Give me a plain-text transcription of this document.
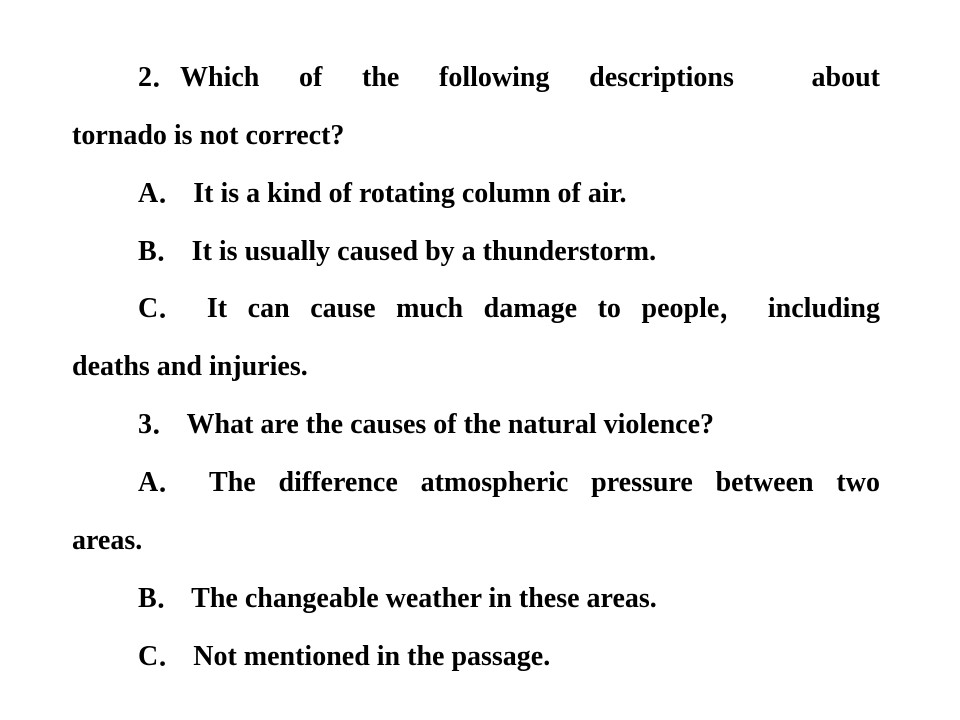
2．Which of the following descriptions	about
tornado is not correct?
A． It is a kind of rotating column of air.
B． It is usually caused by a thunderstorm.
C． It can cause much damage to people， including
deaths and injuries.
3． What are the causes of the natural violence?
A． The difference atmospheric pressure between two
areas.
B． The changeable weather in these areas.
C． Not mentioned in the passage.
